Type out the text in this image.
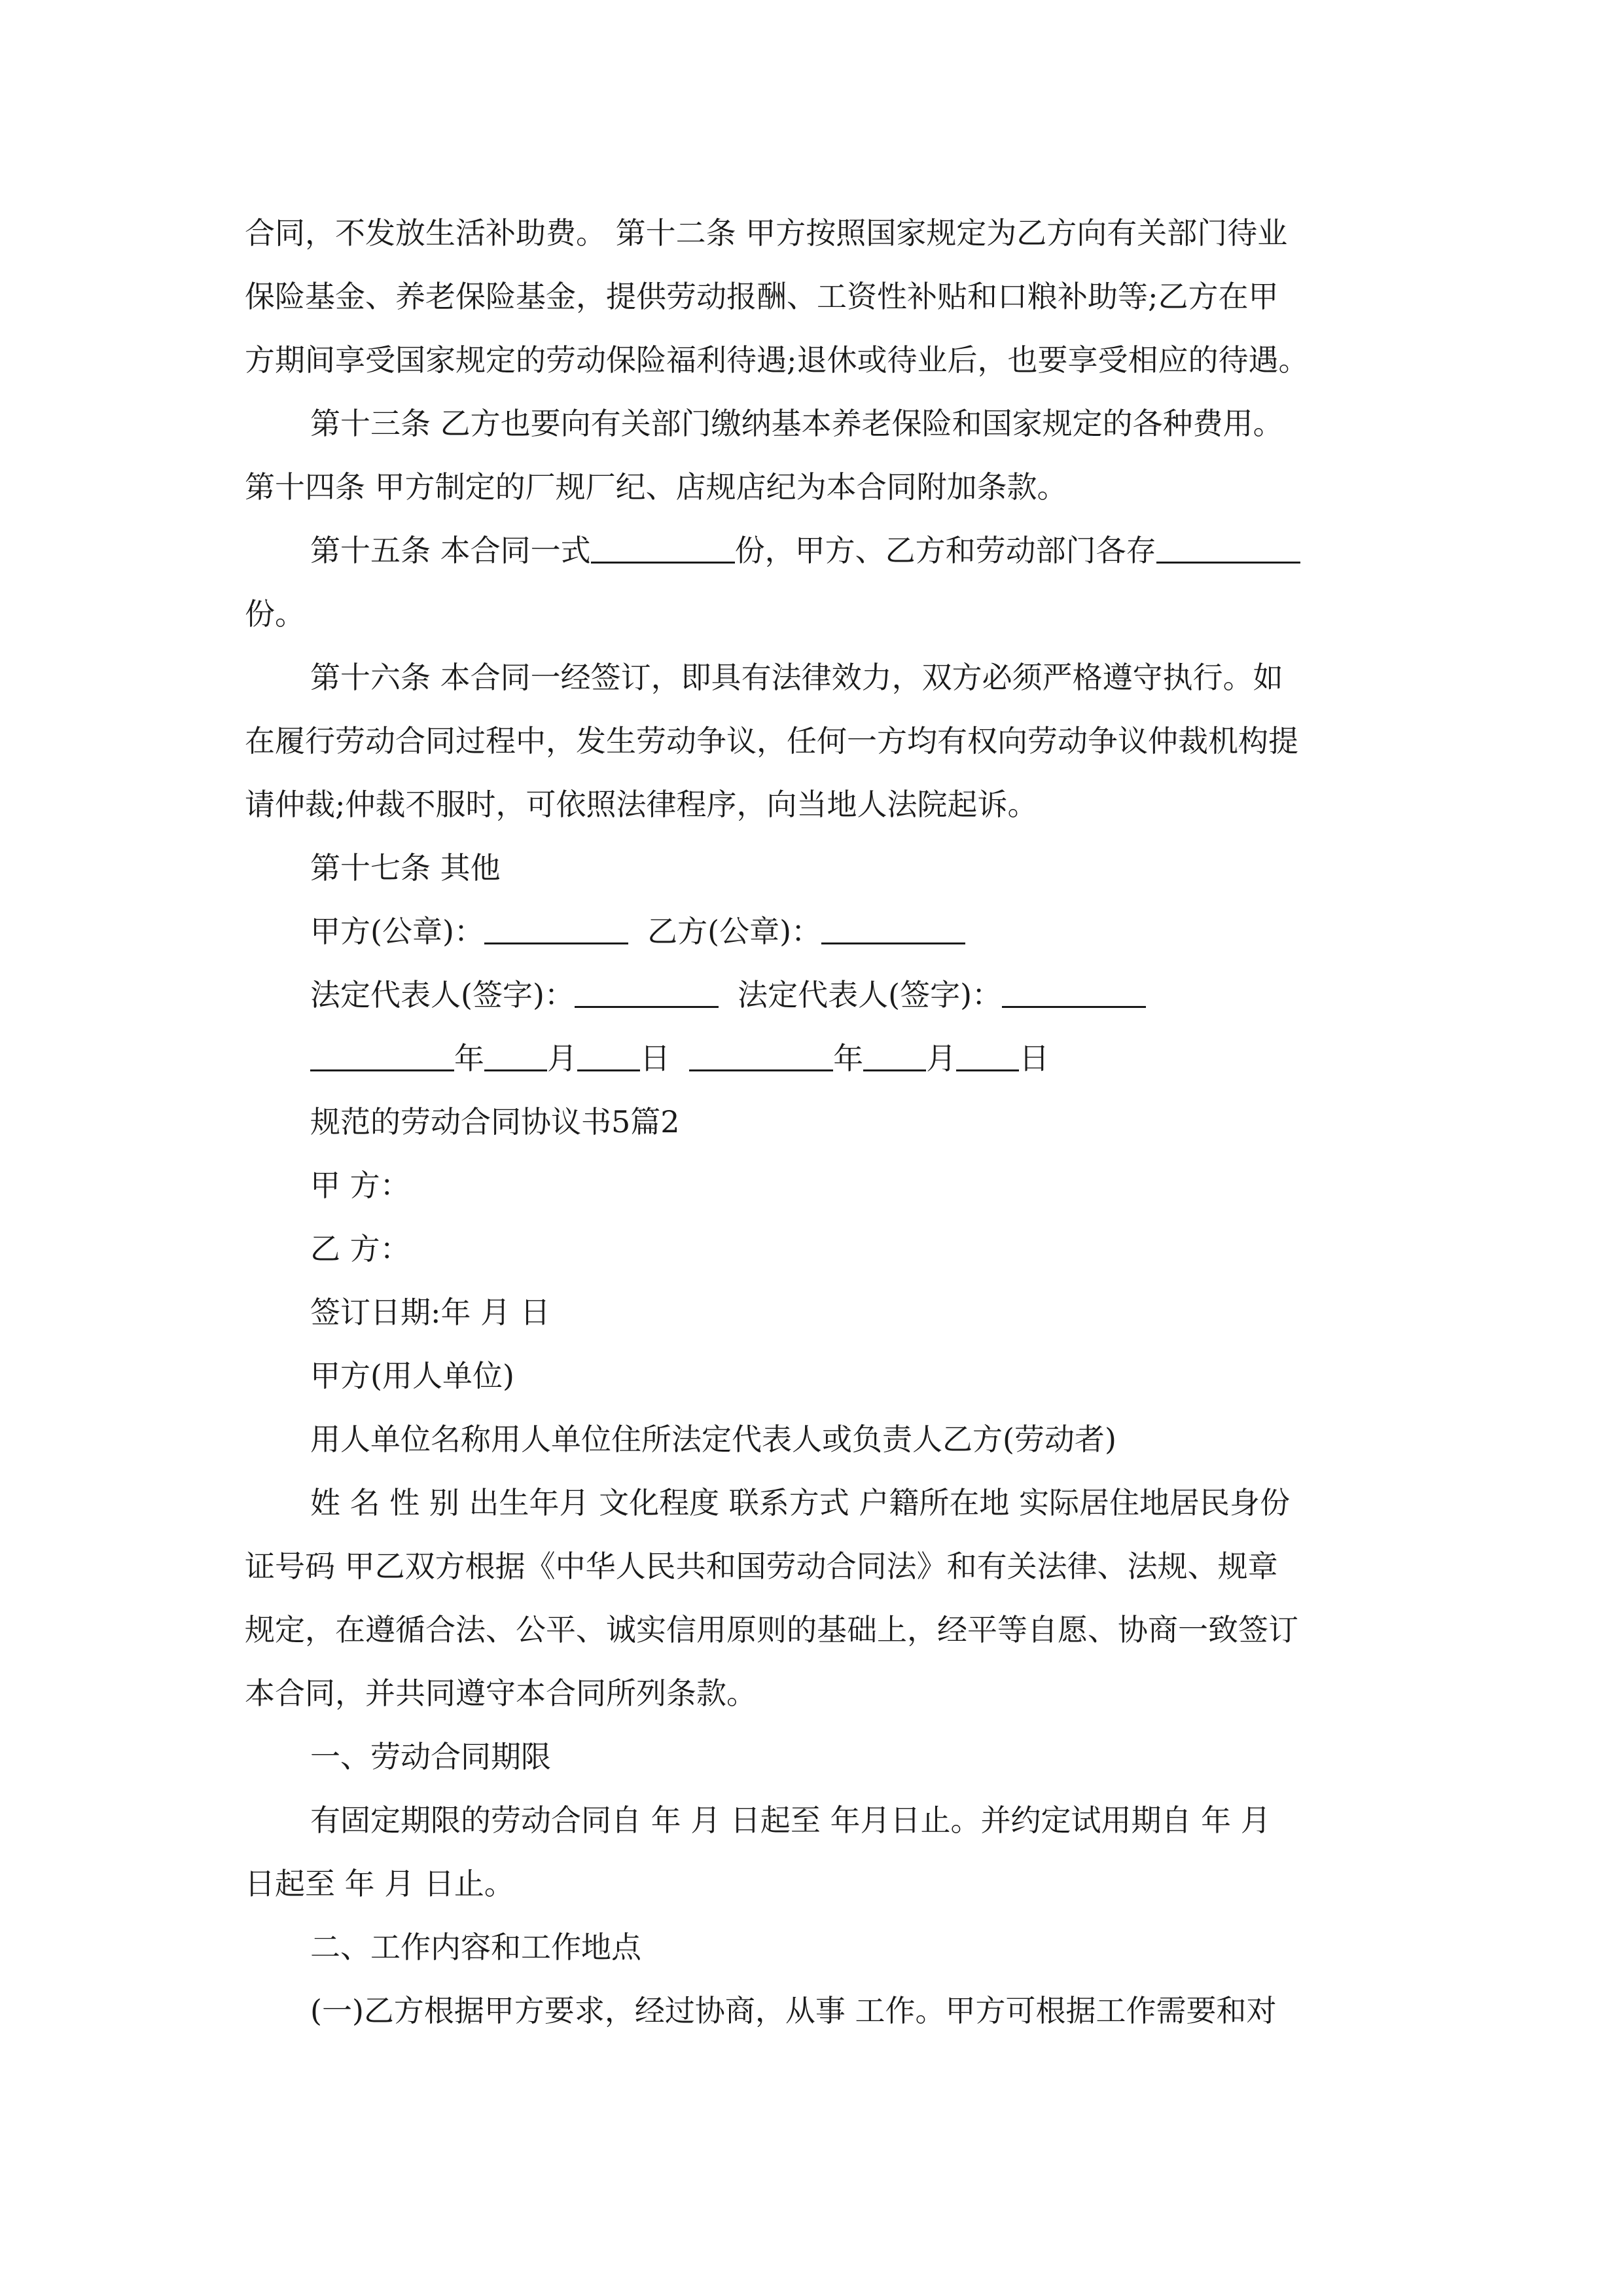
合同，不发放生活补助费。 第十二条 甲方按照国家规定为乙方向有关部门待业
保险基金、养老保险基金，提供劳动报酬、工资性补贴和口粮补助等;乙方在甲
方期间享受国家规定的劳动保险福利待遇;退休或待业后，也要享受相应的待遇。
第十三条 乙方也要向有关部门缴纳基本养老保险和国家规定的各种费用。
第十四条 甲方制定的厂规厂纪、店规店纪为本合同附加条款。
第十五条 本合同一式	份，甲方、乙方和劳动部门各存
份。
第十六条 本合同一经签订，即具有法律效力，双方必须严格遵守执行。如
在履行劳动合同过程中，发生劳动争议，任何一方均有权向劳动争议仲裁机构提
请仲裁;仲裁不服时，可依照法律程序，向当地人法院起诉。
第十七条 其他
甲方(公章)：	乙方(公章)：
法定代表人(签字)：	法定代表人(签字)：
年 月 日	年 月 日
规范的劳动合同协议书5篇2
甲 方：
乙 方：
签订日期:年 月 日
甲方(用人单位)
用人单位名称用人单位住所法定代表人或负责人乙方(劳动者)
姓 名 性 别 出生年月 文化程度 联系方式 户籍所在地 实际居住地居民身份
证号码 甲乙双方根据《中华人民共和国劳动合同法》和有关法律、法规、规章
规定，在遵循合法、公平、诚实信用原则的基础上，经平等自愿、协商一致签订
本合同，并共同遵守本合同所列条款。
一、劳动合同期限
有固定期限的劳动合同自 年 月 日起至 年月日止。并约定试用期自 年 月
日起至 年 月 日止。
二、工作内容和工作地点
(一)乙方根据甲方要求，经过协商，从事 工作。甲方可根据工作需要和对
